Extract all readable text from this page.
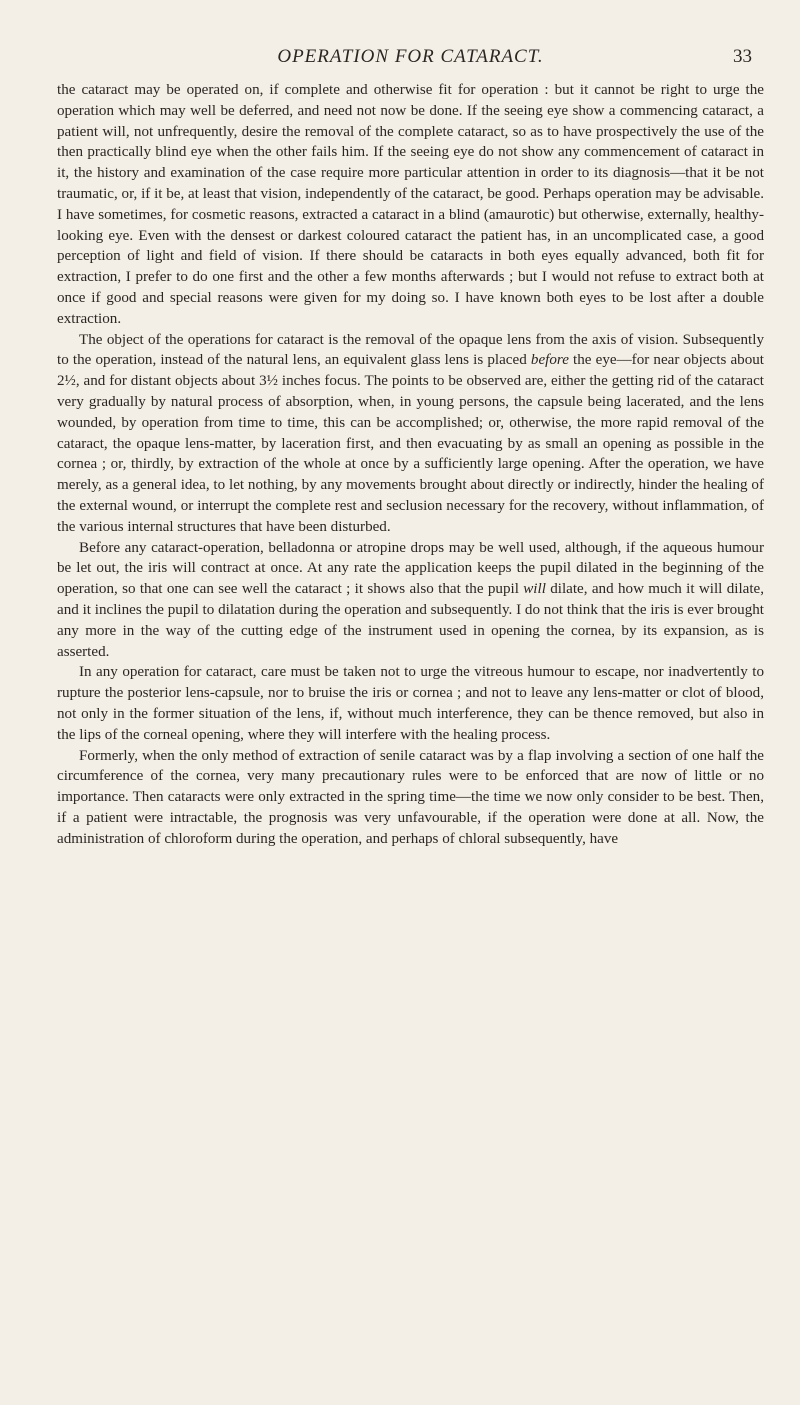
OPERATION FOR CATARACT.	33

the cataract may be operated on, if complete and otherwise fit for operation : but it cannot be right to urge the operation which may well be deferred, and need not now be done. If the seeing eye show a commencing cataract, a patient will, not unfrequently, desire the removal of the complete cataract, so as to have prospectively the use of the then practically blind eye when the other fails him. If the seeing eye do not show any commencement of cataract in it, the history and examination of the case require more particular attention in order to its diagnosis—that it be not traumatic, or, if it be, at least that vision, independently of the cataract, be good. Perhaps operation may be advisable. I have sometimes, for cosmetic reasons, extracted a cataract in a blind (amaurotic) but otherwise, externally, healthy-looking eye. Even with the densest or darkest coloured cataract the patient has, in an uncomplicated case, a good perception of light and field of vision. If there should be cataracts in both eyes equally advanced, both fit for extraction, I prefer to do one first and the other a few months afterwards ; but I would not refuse to extract both at once if good and special reasons were given for my doing so. I have known both eyes to be lost after a double extraction.

The object of the operations for cataract is the removal of the opaque lens from the axis of vision. Subsequently to the operation, instead of the natural lens, an equivalent glass lens is placed before the eye—for near objects about 2½, and for distant objects about 3½ inches focus. The points to be observed are, either the getting rid of the cataract very gradually by natural process of absorption, when, in young persons, the capsule being lacerated, and the lens wounded, by operation from time to time, this can be accomplished; or, otherwise, the more rapid removal of the cataract, the opaque lens-matter, by laceration first, and then evacuating by as small an opening as possible in the cornea ; or, thirdly, by extraction of the whole at once by a sufficiently large opening. After the operation, we have merely, as a general idea, to let nothing, by any movements brought about directly or indirectly, hinder the healing of the external wound, or interrupt the complete rest and seclusion necessary for the recovery, without inflammation, of the various internal structures that have been disturbed.

Before any cataract-operation, belladonna or atropine drops may be well used, although, if the aqueous humour be let out, the iris will contract at once. At any rate the application keeps the pupil dilated in the beginning of the operation, so that one can see well the cataract ; it shows also that the pupil will dilate, and how much it will dilate, and it inclines the pupil to dilatation during the operation and subsequently. I do not think that the iris is ever brought any more in the way of the cutting edge of the instrument used in opening the cornea, by its expansion, as is asserted.

In any operation for cataract, care must be taken not to urge the vitreous humour to escape, nor inadvertently to rupture the posterior lens-capsule, nor to bruise the iris or cornea ; and not to leave any lens-matter or clot of blood, not only in the former situation of the lens, if, without much interference, they can be thence removed, but also in the lips of the corneal opening, where they will interfere with the healing process.

Formerly, when the only method of extraction of senile cataract was by a flap involving a section of one half the circumference of the cornea, very many precautionary rules were to be enforced that are now of little or no importance. Then cataracts were only extracted in the spring time—the time we now only consider to be best. Then, if a patient were intractable, the prognosis was very unfavourable, if the operation were done at all. Now, the administration of chloroform during the operation, and perhaps of chloral subsequently, have
